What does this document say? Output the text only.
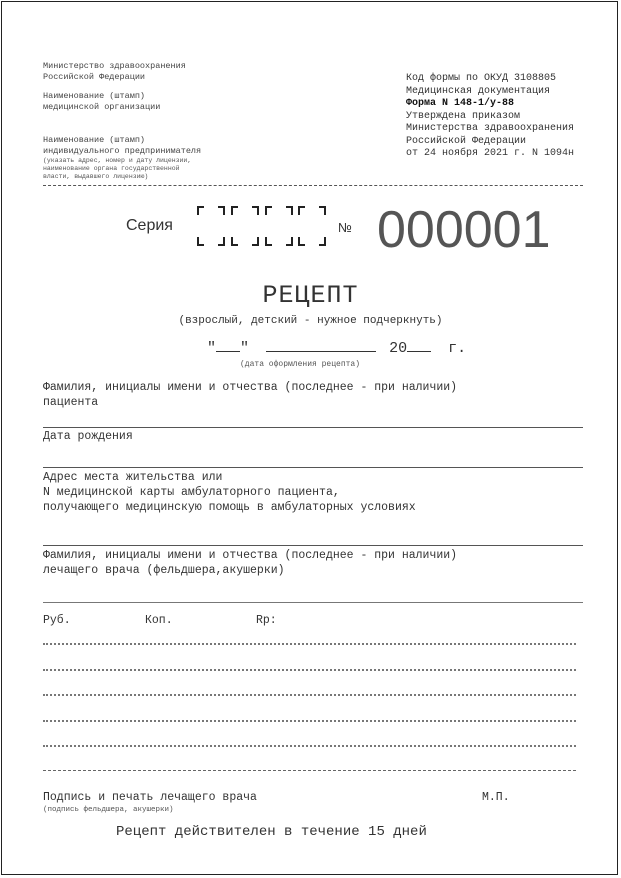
Министерство здравоохранения
Российской Федерации
Наименование (штамп)
медицинской организации
Наименование (штамп)
индивидуального предпринимателя
(указать адрес, номер и дату лицензии,
наименование органа государственной
власти, выдавшего лицензию)
Код формы по ОКУД 3108805
Медицинская документация
Форма N 148-1/у-88
Утверждена приказом
Министерства здравоохранения
Российской Федерации
от 24 ноября 2021 г. N 1094н
Серия	№ 000001
РЕЦЕПТ
(взрослый, детский - нужное подчеркнуть)
" "	20	г.
(дата оформления рецепта)
Фамилия, инициалы имени и отчества (последнее - при наличии)
пациента
Дата рождения
Адрес места жительства или
N медицинской карты амбулаторного пациента,
получающего медицинскую помощь в амбулаторных условиях
Фамилия, инициалы имени и отчества (последнее - при наличии)
лечащего врача (фельдшера,акушерки)
Руб.	Коп.	Rp:
Подпись и печать лечащего врача
(подпись фельдшера, акушерки)
М.П.
Рецепт действителен в течение 15 дней
